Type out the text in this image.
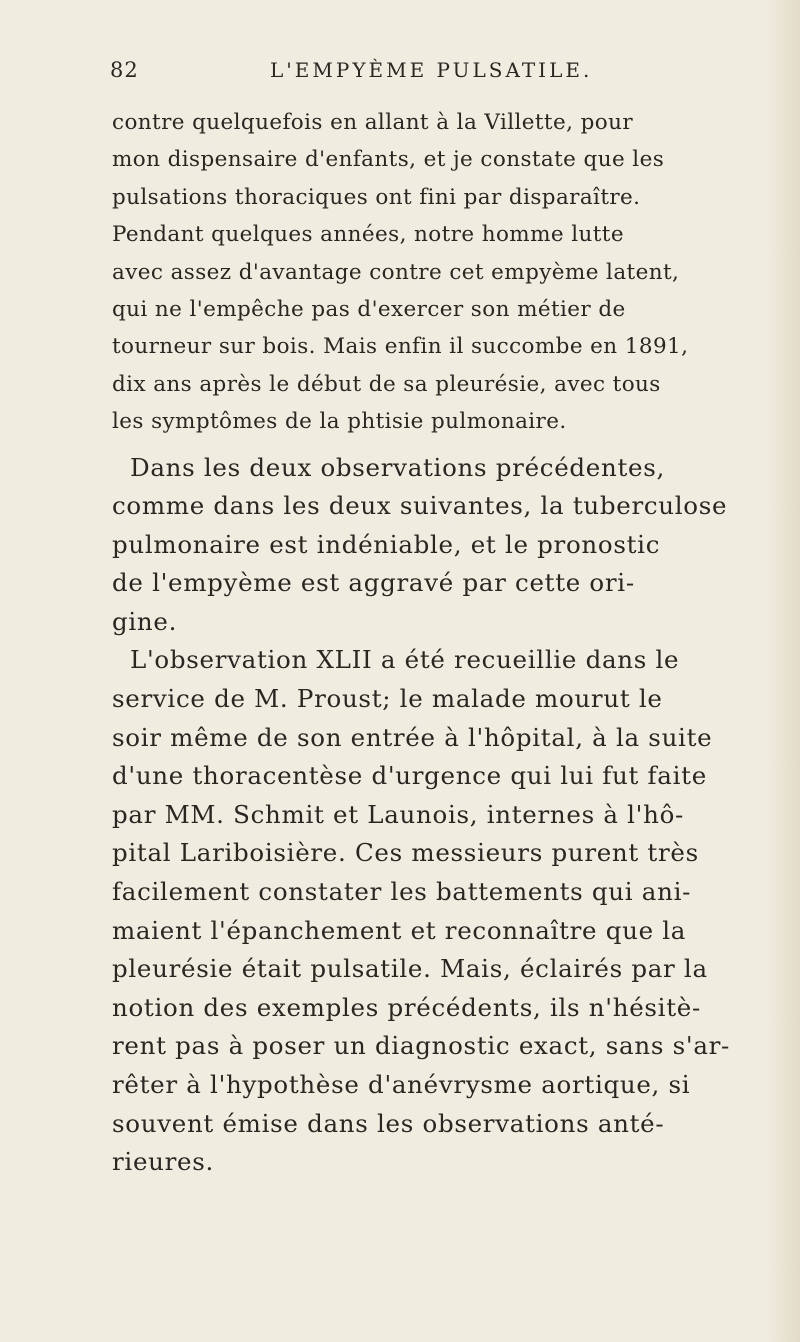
82	L'EMPYÈME PULSATILE.
contre quelquefois en allant à la Villette, pour
mon dispensaire d'enfants, et je constate que les
pulsations thoraciques ont fini par disparaître.
Pendant quelques années, notre homme lutte
avec assez d'avantage contre cet empyème latent,
qui ne l'empêche pas d'exercer son métier de
tourneur sur bois. Mais enfin il succombe en 1891,
dix ans après le début de sa pleurésie, avec tous
les symptômes de la phtisie pulmonaire.
Dans les deux observations précédentes,
comme dans les deux suivantes, la tuberculose
pulmonaire est indéniable, et le pronostic
de l'empyème est aggravé par cette ori-
gine.
L'observation XLII a été recueillie dans le
service de M. Proust; le malade mourut le
soir même de son entrée à l'hôpital, à la suite
d'une thoracentèse d'urgence qui lui fut faite
par MM. Schmit et Launois, internes à l'hô-
pital Lariboisière. Ces messieurs purent très
facilement constater les battements qui ani-
maient l'épanchement et reconnaître que la
pleurésie était pulsatile. Mais, éclairés par la
notion des exemples précédents, ils n'hésitè-
rent pas à poser un diagnostic exact, sans s'ar-
rêter à l'hypothèse d'anévrysme aortique, si
souvent émise dans les observations anté-
rieures.
